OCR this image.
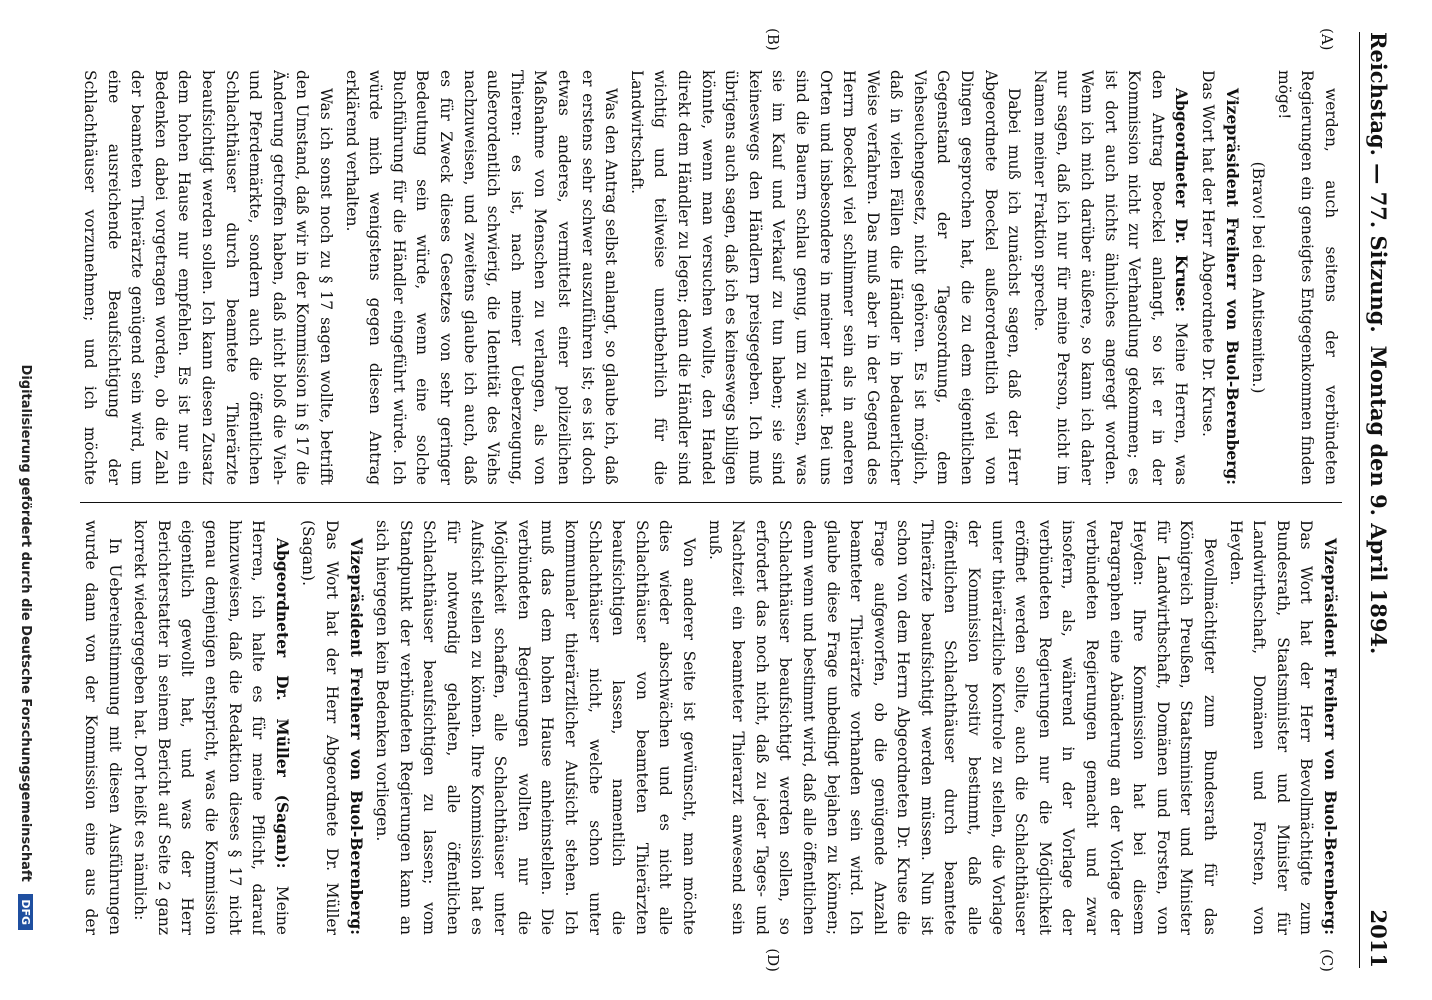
Reichstag. — 77. Sitzung.
Montag den 9. April 1894.
2011
(A)
(B)
(C)
(D)

werden, auch seitens der verbündeten Regierungen ein geneigtes Entgegenkommen finden möge!

(Bravo! bei den Antisemiten.)

Vizepräsident Freiherr von Buol-Berenberg: Das Wort hat der Herr Abgeordnete Dr. Kruse.

Abgeordneter Dr. Kruse: Meine Herren, was den Antrag Boeckel anlangt, so ist er in der Kommission nicht zur Verhandlung gekommen; es ist dort auch nichts ähnliches angeregt worden. Wenn ich mich darüber äußere, so kann ich daher nur sagen, daß ich nur für meine Person, nicht im Namen meiner Fraktion spreche.

Dabei muß ich zunächst sagen, daß der Herr Abgeordnete Boeckel außerordentlich viel von Dingen gesprochen hat, die zu dem eigentlichen Gegenstand der Tagesordnung, dem Viehseuchengesetz, nicht gehören. Es ist möglich, daß in vielen Fällen die Händler in bedauerlicher Weise verfahren. Das muß aber in der Gegend des Herrn Boeckel viel schlimmer sein als in anderen Orten und insbesondere in meiner Heimat. Bei uns sind die Bauern schlau genug, um zu wissen, was sie im Kauf und Verkauf zu tun haben; sie sind keineswegs den Händlern preisgegeben. Ich muß übrigens auch sagen, daß ich es keineswegs billigen könnte, wenn man versuchen wollte, den Handel direkt dem Händler zu legen; denn die Händler sind wichtig und teilweise unentbehrlich für die Landwirtschaft.

Was den Antrag selbst anlangt, so glaube ich, daß er erstens sehr schwer auszuführen ist; es ist doch etwas anderes, vermittelst einer polizeilichen Maßnahme von Menschen zu verlangen, als von Thieren: es ist, nach meiner Ueberzeugung, außerordentlich schwierig, die Identität des Viehs nachzuweisen, und zweitens glaube ich auch, daß es für Zweck dieses Gesetzes von sehr geringer Bedeutung sein würde, wenn eine solche Buchführung für die Händler eingeführt würde. Ich würde mich wenigstens gegen diesen Antrag erklärend verhalten.

Was ich sonst noch zu § 17 sagen wollte, betrifft den Umstand, daß wir in der Kommission in § 17 die Änderung getroffen haben, daß nicht bloß die Vieh- und Pferdemärkte, sondern auch die öffentlichen Schlachthäuser durch beamtete Thierärzte beaufsichtigt werden sollen. Ich kann diesen Zusatz dem hohen Hause nur empfehlen. Es ist nur ein Bedenken dabei vorgetragen worden, ob die Zahl der beamteten Thierärzte genügend sein wird, um eine ausreichende Beaufsichtigung der Schlachthäuser vorzunehmen; und ich möchte

Vizepräsident Freiherr von Buol-Berenberg: Das Wort hat der Herr Bevollmächtigte zum Bundesrath, Staatsminister und Minister für Landwirthschaft, Domänen und Forsten, von Heyden.

Bevollmächtigter zum Bundesrath für das Königreich Preußen, Staatsminister und Minister für Landwirthschaft, Domänen und Forsten, von Heyden: Ihre Kommission hat bei diesem Paragraphen eine Abänderung an der Vorlage der verbündeten Regierungen gemacht und zwar insofern, als, während in der Vorlage der verbündeten Regierungen nur die Möglichkeit eröffnet werden sollte, auch die Schlachthäuser unter thierärztliche Kontrole zu stellen, die Vorlage der Kommission positiv bestimmt, daß alle öffentlichen Schlachthäuser durch beamtete Thierärzte beaufsichtigt werden müssen. Nun ist schon von dem Herrn Abgeordneten Dr. Kruse die Frage aufgeworfen, ob die genügende Anzahl beamteter Thierärzte vorhanden sein wird. Ich glaube diese Frage unbedingt bejahen zu können; denn wenn und bestimmt wird, daß alle öffentlichen Schlachthäuser beaufsichtigt werden sollen, so erfordert das noch nicht, daß zu jeder Tages- und Nachtzeit ein beamteter Thierarzt anwesend sein muß.

Von anderer Seite ist gewünscht, man möchte dies wieder abschwächen und es nicht alle Schlachthäuser von beamteten Thierärzten beaufsichtigen lassen, namentlich die Schlachthäuser nicht, welche schon unter kommunaler thierärztlicher Aufsicht stehen. Ich muß das dem hohen Hause anheimstellen. Die verbündeten Regierungen wollten nur die Möglichkeit schaffen, alle Schlachthäuser unter Aufsicht stellen zu können. Ihre Kommission hat es für notwendig gehalten, alle öffentlichen Schlachthäuser beaufsichtigen zu lassen; vom Standpunkt der verbündeten Regierungen kann an sich hiergegen kein Bedenken vorliegen.

Vizepräsident Freiherr von Buol-Berenberg: Das Wort hat der Herr Abgeordnete Dr. Müller (Sagan).

Abgeordneter Dr. Müller (Sagan): Meine Herren, ich halte es für meine Pflicht, darauf hinzuweisen, daß die Redaktion dieses § 17 nicht genau demjenigen entspricht, was die Kommission eigentlich gewollt hat, und was der Herr Berichterstatter in seinem Bericht auf Seite 2 ganz korrekt wiedergegeben hat. Dort heißt es nämlich:

In Uebereinstimmung mit diesen Ausführungen wurde dann von der Kommission eine aus der

Digitalisierung gefördert durch die Deutsche Forschungsgemeinschaft DFG
